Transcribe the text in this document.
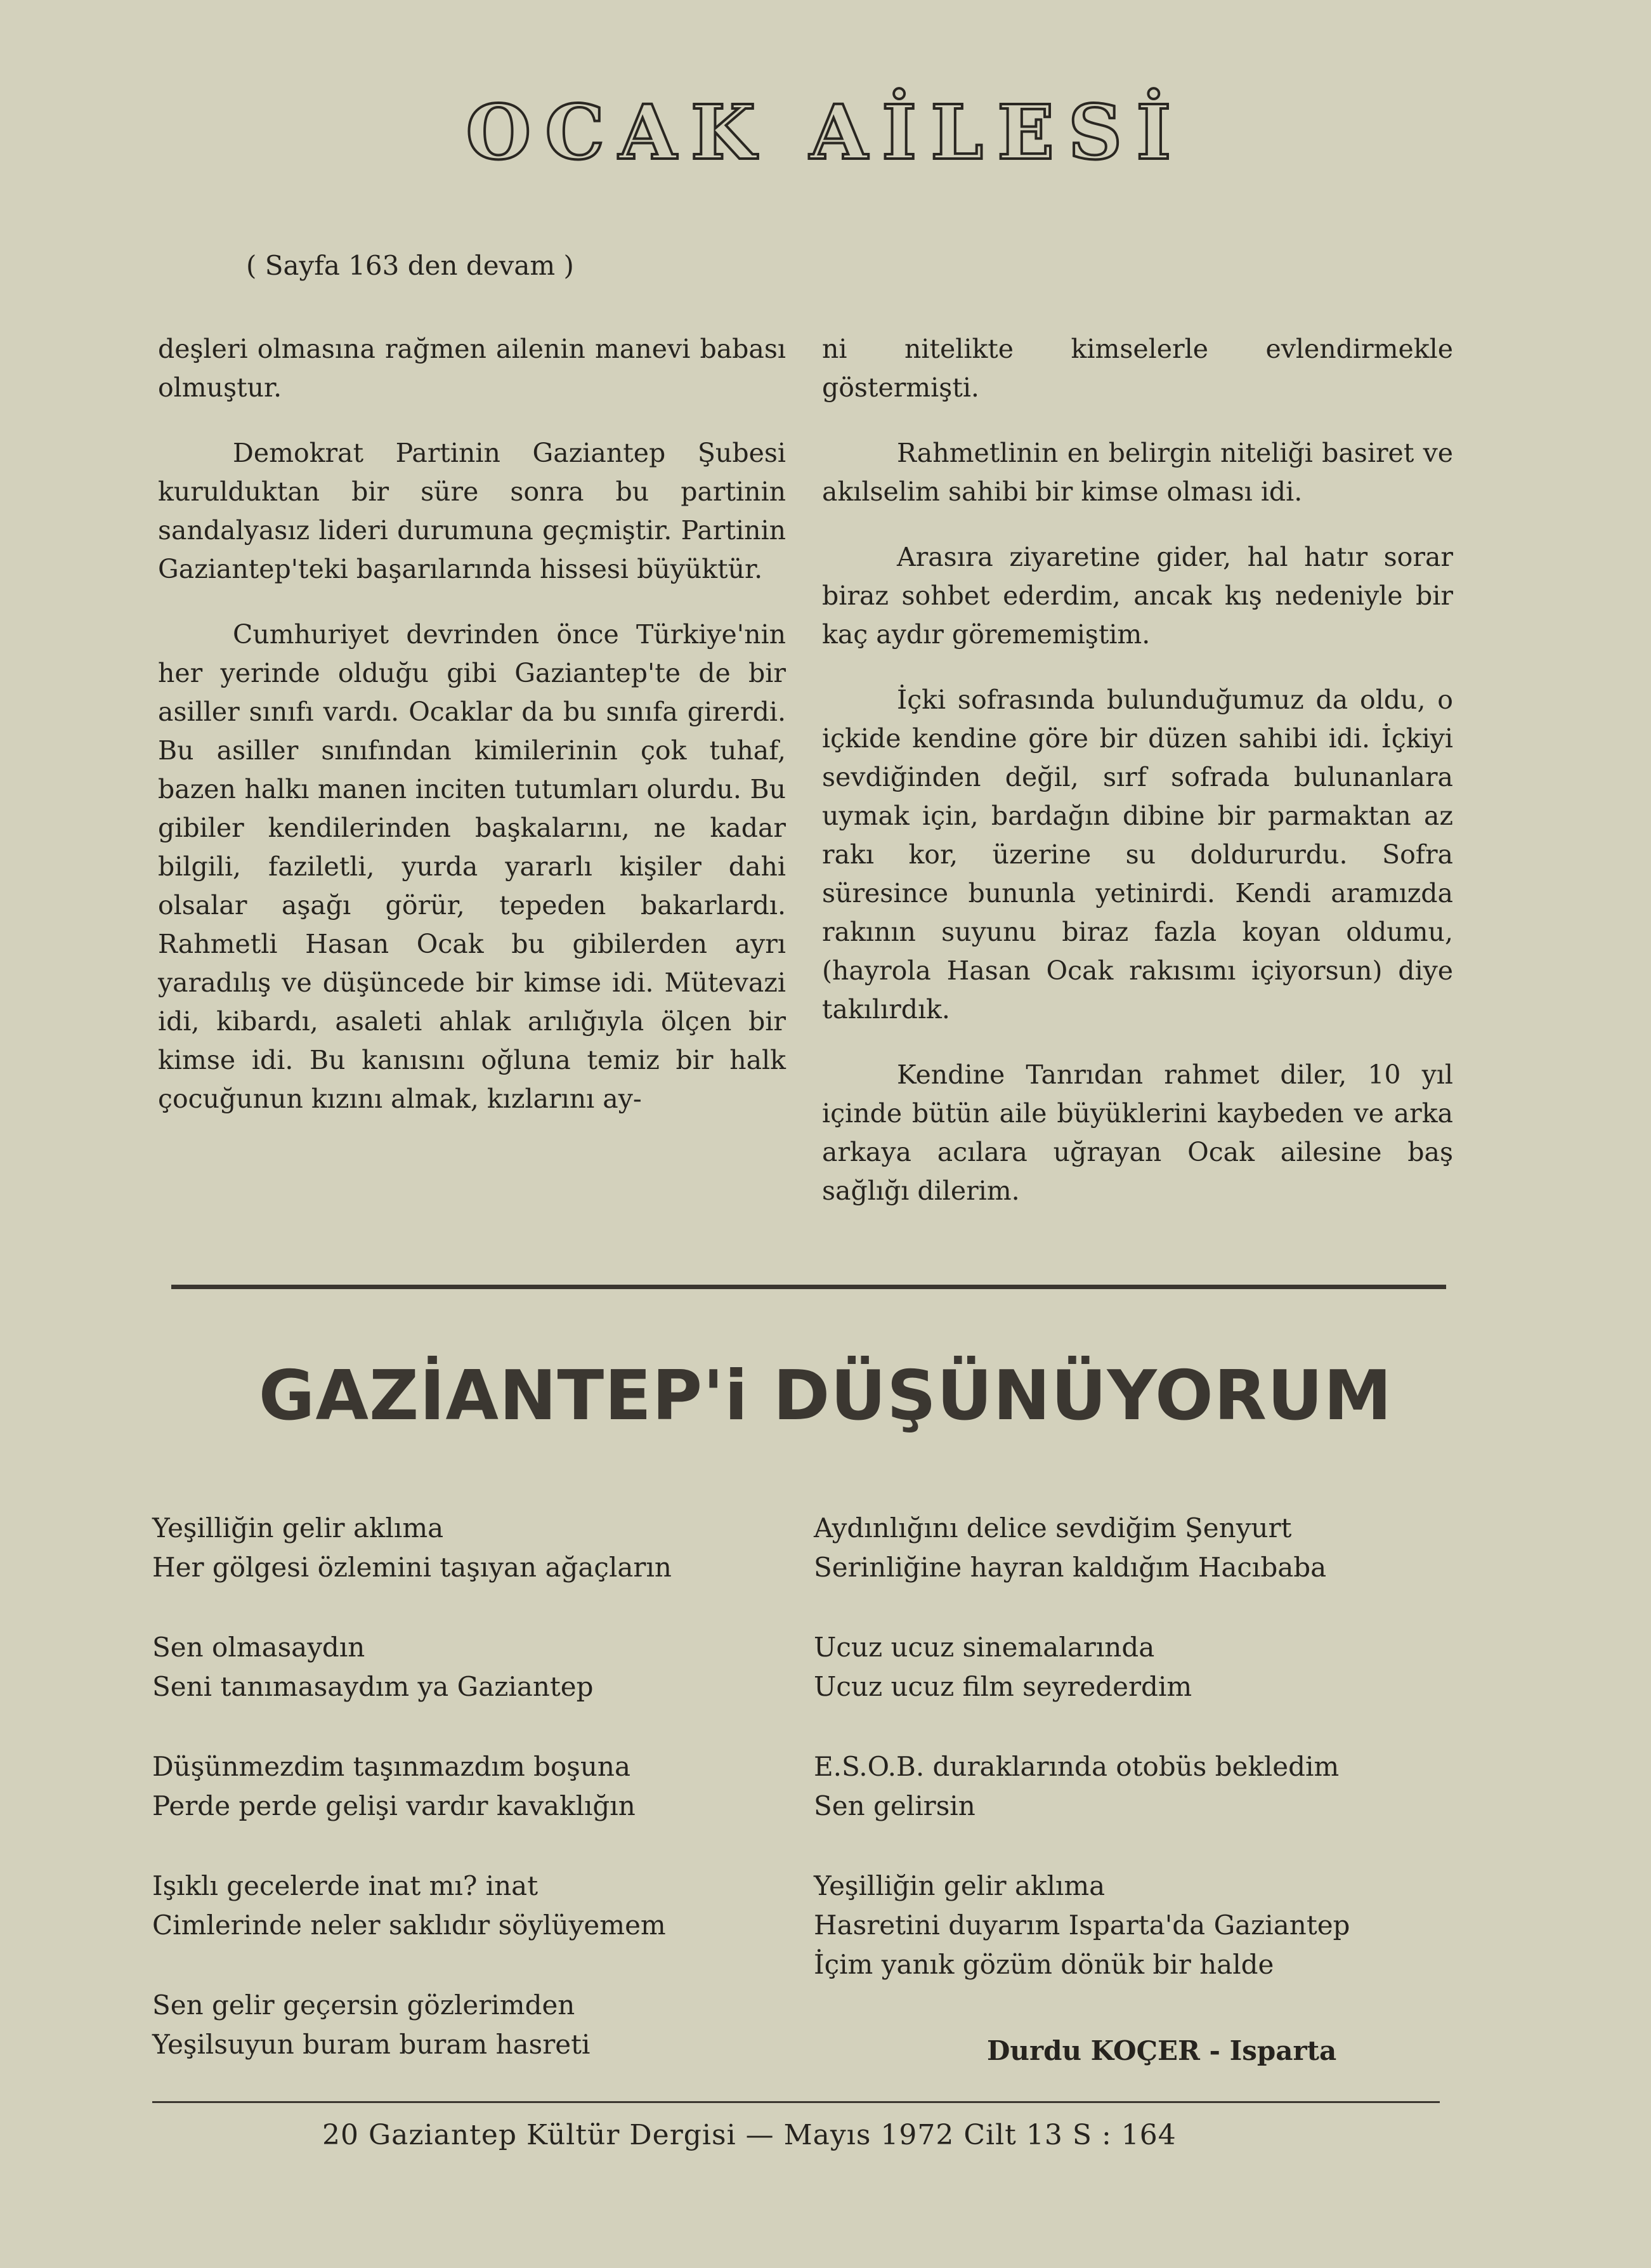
OCAK AİLESİ
( Sayfa 163 den devam )

deşleri olmasına rağmen ailenin manevi babası olmuştur.

Demokrat Partinin Gaziantep Şubesi kurulduktan bir süre sonra bu partinin sandalyasız lideri durumuna geçmiştir. Partinin Gaziantep'teki başarılarında hissesi büyüktür.

Cumhuriyet devrinden önce Türkiye'nin her yerinde olduğu gibi Gaziantep'te de bir asiller sınıfı vardı. Ocaklar da bu sınıfa girerdi. Bu asiller sınıfından kimilerinin çok tuhaf, bazen halkı manen inciten tutumları olurdu. Bu gibiler kendilerinden başkalarını, ne kadar bilgili, faziletli, yurda yararlı kişiler dahi olsalar aşağı görür, tepeden bakarlardı. Rahmetli Hasan Ocak bu gibilerden ayrı yaradılış ve düşüncede bir kimse idi. Mütevazi idi, kibardı, asaleti ahlak arılığıyla ölçen bir kimse idi. Bu kanısını oğluna temiz bir halk çocuğunun kızını almak, kızlarını ay-

ni nitelikte kimselerle evlendirmekle göstermişti.

Rahmetlinin en belirgin niteliği basiret ve akılselim sahibi bir kimse olması idi.

Arasıra ziyaretine gider, hal hatır sorar biraz sohbet ederdim, ancak kış nedeniyle bir kaç aydır görememiştim.

İçki sofrasında bulunduğumuz da oldu, o içkide kendine göre bir düzen sahibi idi. İçkiyi sevdiğinden değil, sırf sofrada bulunanlara uymak için, bardağın dibine bir parmaktan az rakı kor, üzerine su doldururdu. Sofra süresince bununla yetinirdi. Kendi aramızda rakının suyunu biraz fazla koyan oldumu, (hayrola Hasan Ocak rakısımı içiyorsun) diye takılırdık.

Kendine Tanrıdan rahmet diler, 10 yıl içinde bütün aile büyüklerini kaybeden ve arka arkaya acılara uğrayan Ocak ailesine baş sağlığı dilerim.

GAZİANTEP'i DÜŞÜNÜYORUM
Yeşilliğin gelir aklıma
Her gölgesi özlemini taşıyan ağaçların
Sen olmasaydın
Seni tanımasaydım ya Gaziantep
Düşünmezdim taşınmazdım boşuna
Perde perde gelişi vardır kavaklığın
Işıklı gecelerde inat mı? inat
Cimlerinde neler saklıdır söylüyemem
Sen gelir geçersin gözlerimden
Yeşilsuyun buram buram hasreti
Aydınlığını delice sevdiğim Şenyurt
Serinliğine hayran kaldığım Hacıbaba
Ucuz ucuz sinemalarında
Ucuz ucuz film seyrederdim
E.S.O.B. duraklarında otobüs bekledim
Sen gelirsin
Yeşilliğin gelir aklıma
Hasretini duyarım Isparta'da Gaziantep
İçim yanık gözüm dönük bir halde
Durdu KOÇER - Isparta
20 Gaziantep Kültür Dergisi — Mayıs 1972 Cilt 13 S : 164
